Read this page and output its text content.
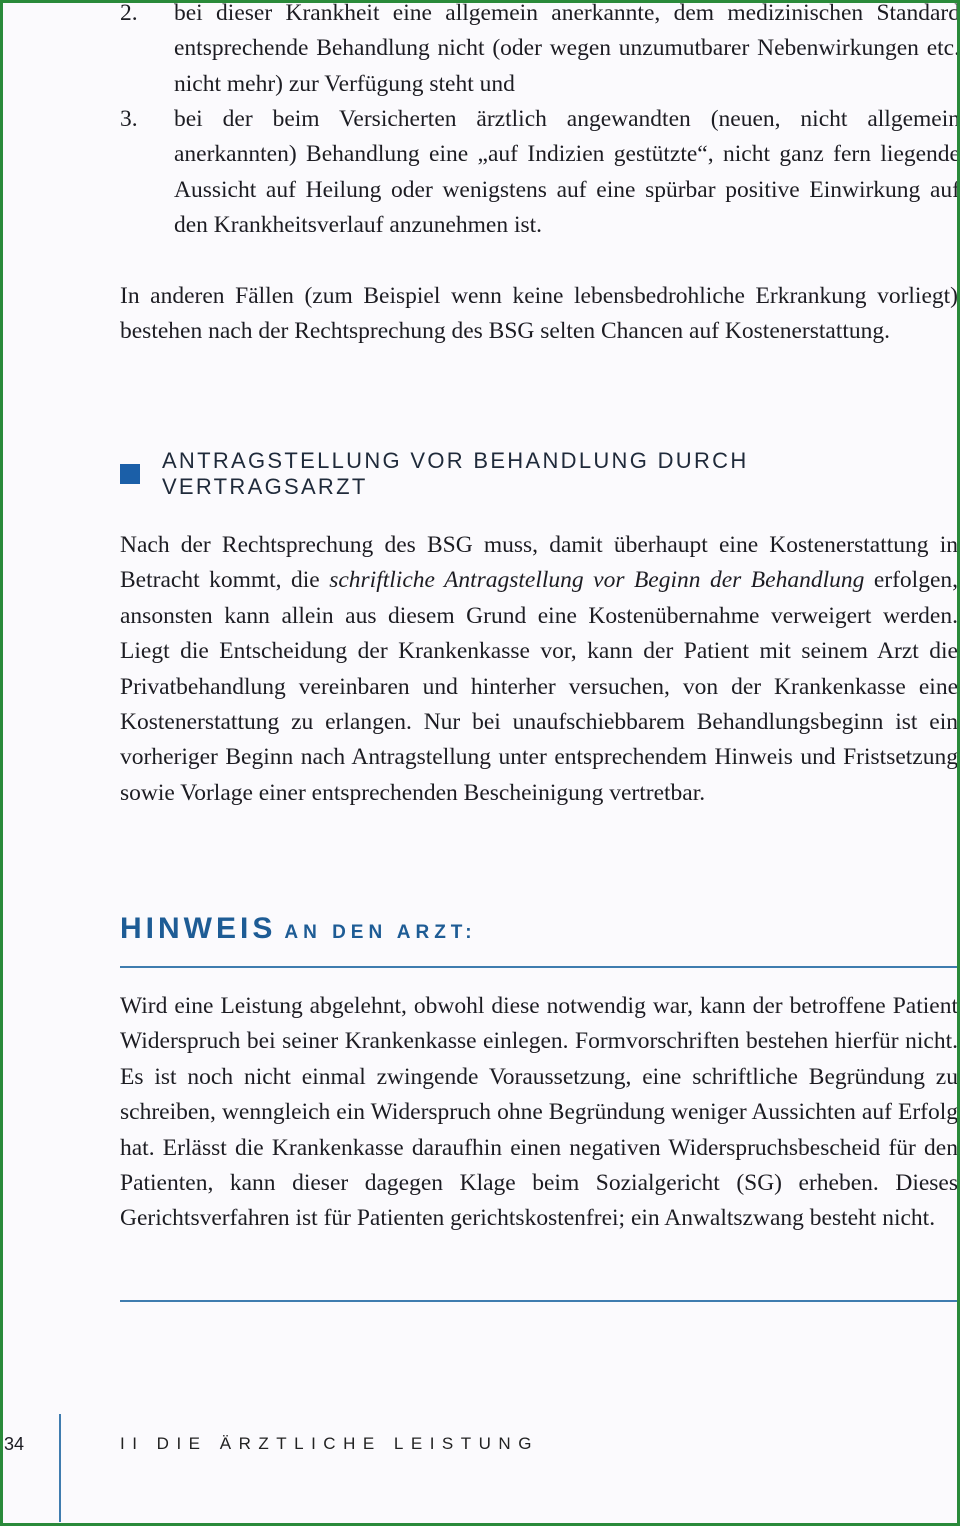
2.	bei dieser Krankheit eine allgemein anerkannte, dem medizinischen Standard entsprechende Behandlung nicht (oder wegen unzumutbarer Nebenwirkungen etc. nicht mehr) zur Verfügung steht und
3.	bei der beim Versicherten ärztlich angewandten (neuen, nicht allgemein anerkannten) Behandlung eine „auf Indizien gestützte“, nicht ganz fern liegende Aussicht auf Heilung oder wenigstens auf eine spürbar positive Einwirkung auf den Krankheitsverlauf anzunehmen ist.
In anderen Fällen (zum Beispiel wenn keine lebensbedrohliche Erkrankung vorliegt) bestehen nach der Rechtsprechung des BSG selten Chancen auf Kostenerstattung.
ANTRAGSTELLUNG VOR BEHANDLUNG DURCH VERTRAGSARZT
Nach der Rechtsprechung des BSG muss, damit überhaupt eine Kostenerstattung in Betracht kommt, die schriftliche Antragstellung vor Beginn der Behandlung erfolgen, ansonsten kann allein aus diesem Grund eine Kostenübernahme verweigert werden. Liegt die Entscheidung der Krankenkasse vor, kann der Patient mit seinem Arzt die Privatbehandlung vereinbaren und hinterher versuchen, von der Krankenkasse eine Kostenerstattung zu erlangen. Nur bei unaufschiebbarem Behandlungsbeginn ist ein vorheriger Beginn nach Antragstellung unter entsprechendem Hinweis und Fristsetzung sowie Vorlage einer entsprechenden Bescheinigung vertretbar.
HINWEIS AN DEN ARZT:
Wird eine Leistung abgelehnt, obwohl diese notwendig war, kann der betroffene Patient Widerspruch bei seiner Krankenkasse einlegen. Formvorschriften bestehen hierfür nicht. Es ist noch nicht einmal zwingende Voraussetzung, eine schriftliche Begründung zu schreiben, wenngleich ein Widerspruch ohne Begründung weniger Aussichten auf Erfolg hat. Erlässt die Krankenkasse daraufhin einen negativen Widerspruchsbescheid für den Patienten, kann dieser dagegen Klage beim Sozialgericht (SG) erheben. Dieses Gerichtsverfahren ist für Patienten gerichtskostenfrei; ein Anwaltszwang besteht nicht.
34	II DIE ÄRZTLICHE LEISTUNG
